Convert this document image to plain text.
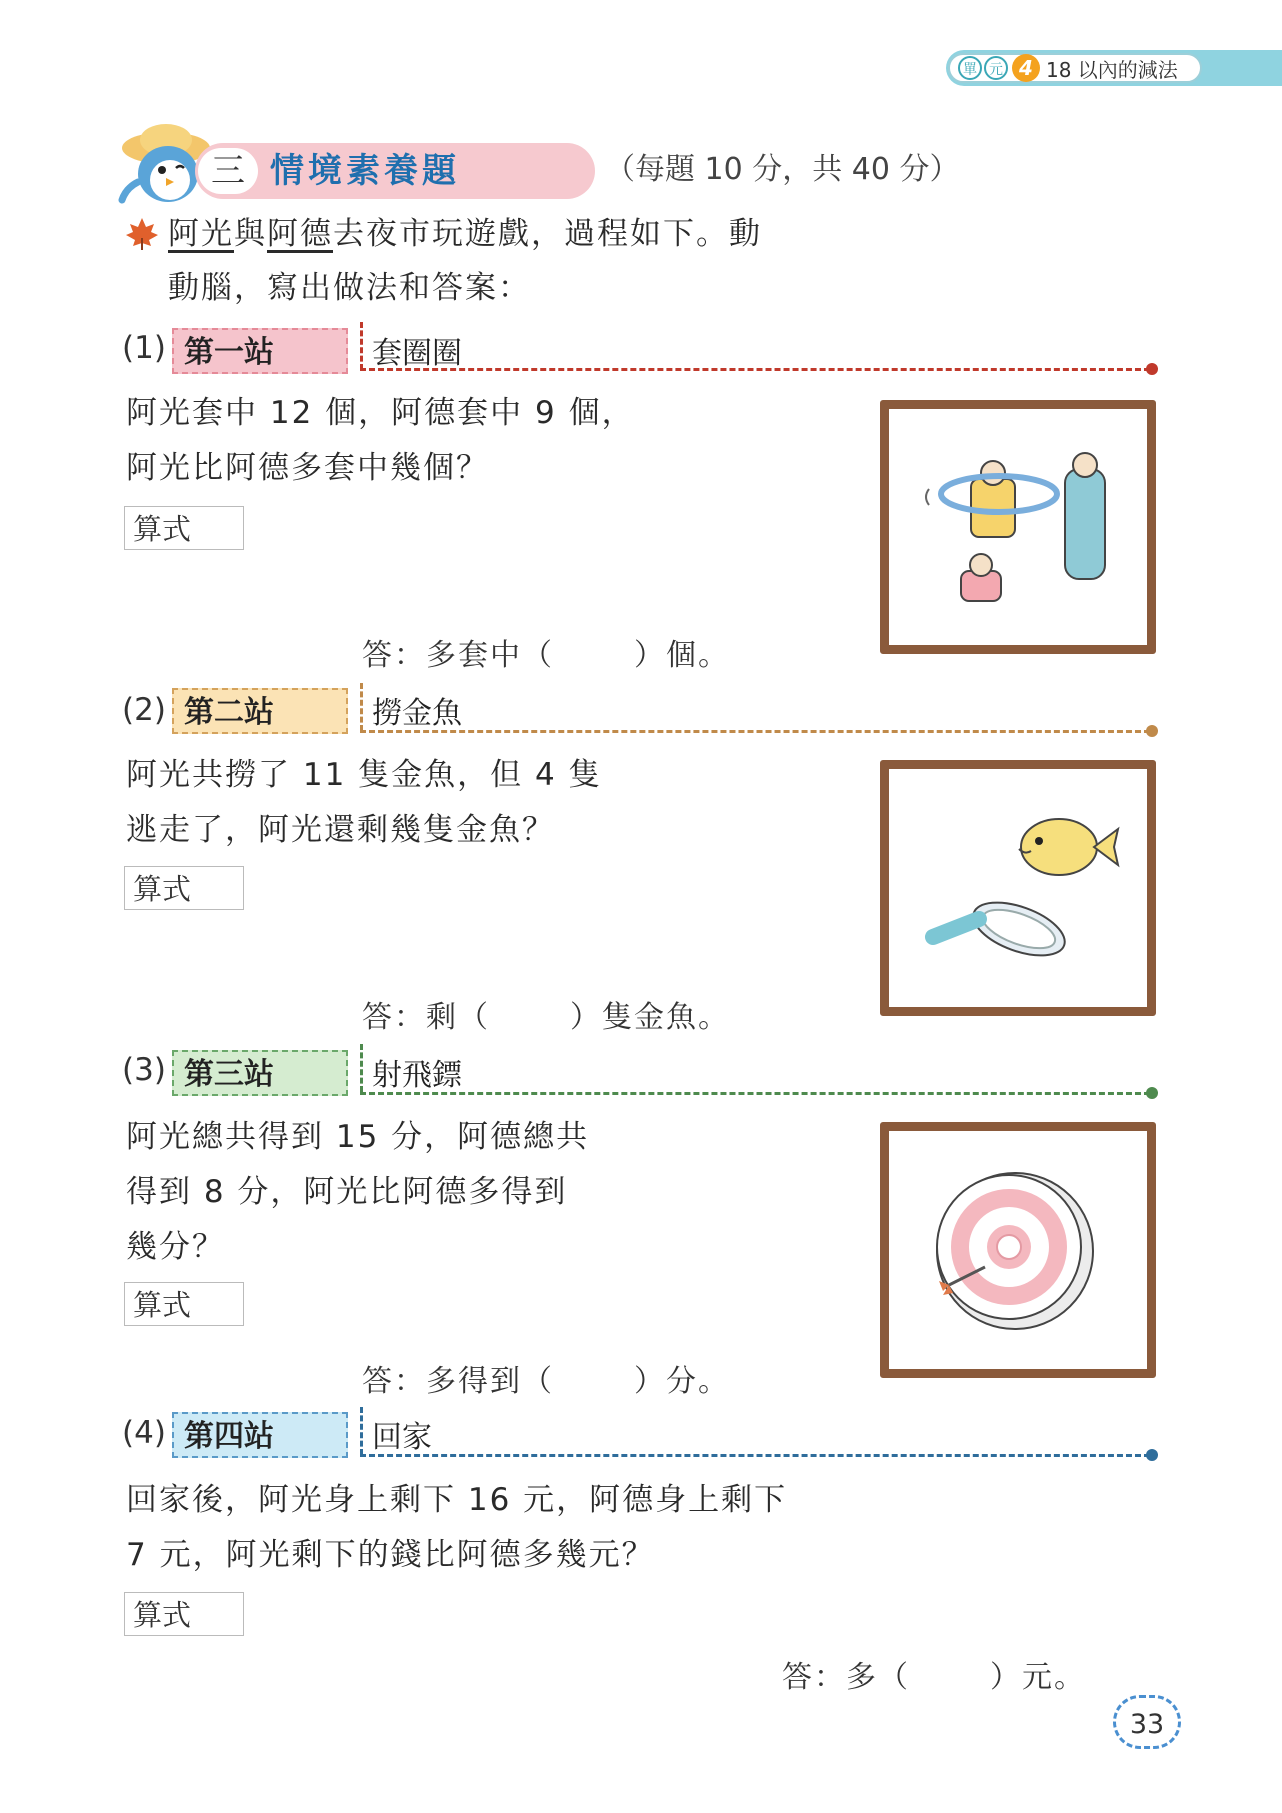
單 元 4 18 以內的減法
三 情境素養題	（每題 10 分，共 40 分）
阿光與阿德去夜市玩遊戲，過程如下。動
動腦，寫出做法和答案：
(1) 第一站	套圈圈
阿光套中 12 個，阿德套中 9 個，
阿光比阿德多套中幾個？
算式
答：多套中（	）個。
(2) 第二站	撈金魚
阿光共撈了 11 隻金魚，但 4 隻
逃走了，阿光還剩幾隻金魚？
算式
答：剩（	）隻金魚。
(3) 第三站	射飛鏢
阿光總共得到 15 分，阿德總共
得到 8 分，阿光比阿德多得到
幾分？
算式
答：多得到（	）分。
(4) 第四站	回家
回家後，阿光身上剩下 16 元，阿德身上剩下
7 元，阿光剩下的錢比阿德多幾元？
算式
答：多（	）元。
33
